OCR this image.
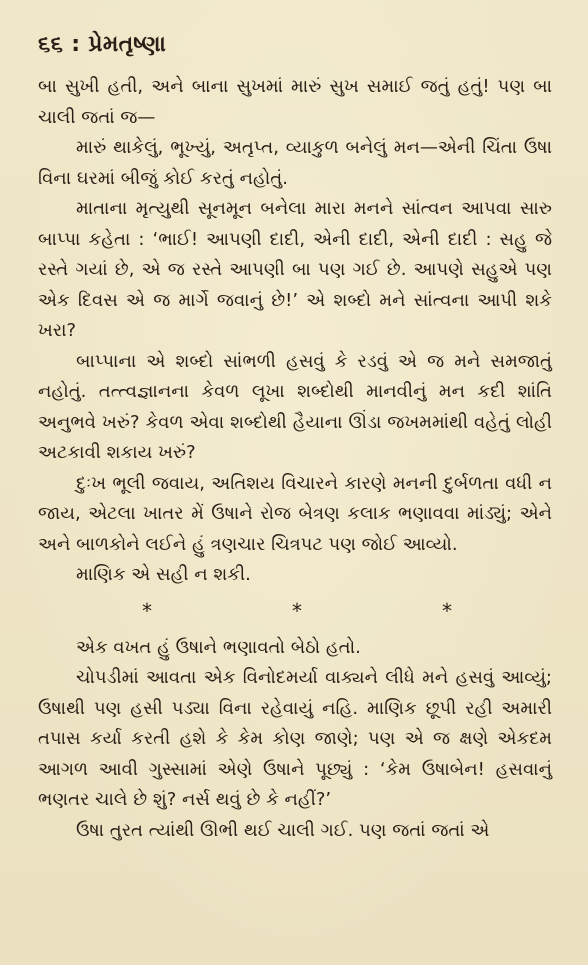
૬૬ : પ્રેમતૃષ્ણા

બા સુખી હતી, અને બાના સુખમાં મારું સુખ સમાઈ જતું હતું! પણ બા ચાલી જતાં જ—

મારું થાકેલું, ભૂખ્યું, અતૃપ્ત, વ્યાકુળ બનેલું મન—એની ચિંતા ઉષા વિના ઘરમાં બીજું કોઈ કરતું નહોતું.

માતાના મૃત્યુથી સૂનમૂન બનેલા મારા મનને સાંત્વન આપવા સારુ બાપ્પા કહેતા : ‘ભાઈ! આપણી દાદી, એની દાદી, એની દાદી : સહુ જે રસ્તે ગયાં છે, એ જ રસ્તે આપણી બા પણ ગઈ છે. આપણે સહુએ પણ એક દિવસ એ જ માર્ગે જવાનું છે!’ એ શબ્દો મને સાંત્વના આપી શકે ખરા?

બાપ્પાના એ શબ્દો સાંભળી હસવું કે રડવું એ જ મને સમજાતું નહોતું. તત્ત્વજ્ઞાનના કેવળ લૂખા શબ્દોથી માનવીનું મન કદી શાંતિ અનુભવે ખરું? કેવળ એવા શબ્દોથી હૈયાના ઊંડા જખમમાંથી વહેતું લોહી અટકાવી શકાય ખરું?

દુઃખ ભૂલી જવાય, અતિશય વિચારને કારણે મનની દુર્બળતા વધી ન જાય, એટલા ખાતર મેં ઉષાને રોજ બેત્રણ કલાક ભણાવવા માંડ્યું; એને અને બાળકોને લઈને હું ત્રણચાર ચિત્રપટ પણ જોઈ આવ્યો.

માણિક એ સહી ન શકી.

*	*	*

એક વખત હું ઉષાને ભણાવતો બેઠો હતો.

ચોપડીમાં આવતા એક વિનોદમર્યા વાક્યને લીધે મને હસવું આવ્યું; ઉષાથી પણ હસી પડ્યા વિના રહેવાયું નહિ. માણિક છૂપી રહી અમારી તપાસ કર્યા કરતી હશે કે કેમ કોણ જાણે; પણ એ જ ક્ષણે એકદમ આગળ આવી ગુસ્સામાં એણે ઉષાને પૂછ્યું : ‘કેમ ઉષાબેન! હસવાનું ભણતર ચાલે છે શું? નર્સ થવું છે કે નહીં?’

ઉષા તુરત ત્યાંથી ઊભી થઈ ચાલી ગઈ. પણ જતાં જતાં એ
